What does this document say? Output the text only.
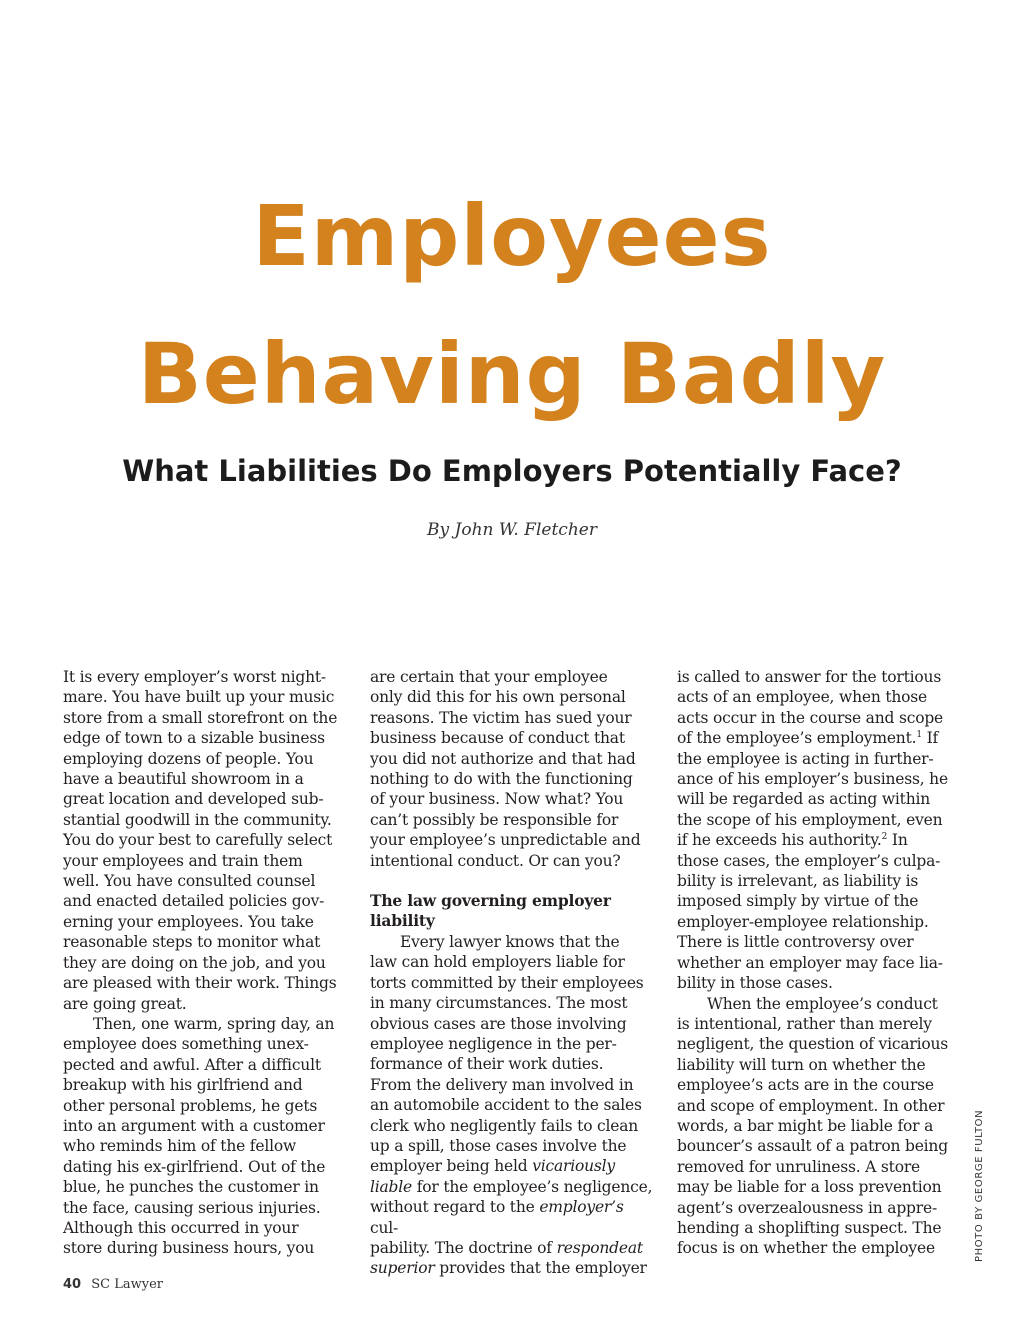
Employees
Behaving Badly
What Liabilities Do Employers Potentially Face?

By John W. Fletcher

It is every employer’s worst night-
mare. You have built up your music
store from a small storefront on the
edge of town to a sizable business
employing dozens of people. You
have a beautiful showroom in a
great location and developed sub-
stantial goodwill in the community.
You do your best to carefully select
your employees and train them
well. You have consulted counsel
and enacted detailed policies gov-
erning your employees. You take
reasonable steps to monitor what
they are doing on the job, and you
are pleased with their work. Things
are going great.

Then, one warm, spring day, an
employee does something unex-
pected and awful. After a difficult
breakup with his girlfriend and
other personal problems, he gets
into an argument with a customer
who reminds him of the fellow
dating his ex-girlfriend. Out of the
blue, he punches the customer in
the face, causing serious injuries.
Although this occurred in your
store during business hours, you

are certain that your employee
only did this for his own personal
reasons. The victim has sued your
business because of conduct that
you did not authorize and that had
nothing to do with the functioning
of your business. Now what? You
can’t possibly be responsible for
your employee’s unpredictable and
intentional conduct. Or can you?

The law governing employer
liability

Every lawyer knows that the
law can hold employers liable for
torts committed by their employees
in many circumstances. The most
obvious cases are those involving
employee negligence in the per-
formance of their work duties.
From the delivery man involved in
an automobile accident to the sales
clerk who negligently fails to clean
up a spill, those cases involve the
employer being held vicariously
liable for the employee’s negligence,
without regard to the employer’s cul-
pability. The doctrine of respondeat
superior provides that the employer

is called to answer for the tortious
acts of an employee, when those
acts occur in the course and scope
of the employee’s employment.$^1$ If
the employee is acting in further-
ance of his employer’s business, he
will be regarded as acting within
the scope of his employment, even
if he exceeds his authority.$^2$ In
those cases, the employer’s culpa-
bility is irrelevant, as liability is
imposed simply by virtue of the
employer-employee relationship.
There is little controversy over
whether an employer may face lia-
bility in those cases.

When the employee’s conduct
is intentional, rather than merely
negligent, the question of vicarious
liability will turn on whether the
employee’s acts are in the course
and scope of employment. In other
words, a bar might be liable for a
bouncer’s assault of a patron being
removed for unruliness. A store
may be liable for a loss prevention
agent’s overzealousness in appre-
hending a shoplifting suspect. The
focus is on whether the employee	PHOTO BY GEORGE FULTON
40 SC Lawyer
